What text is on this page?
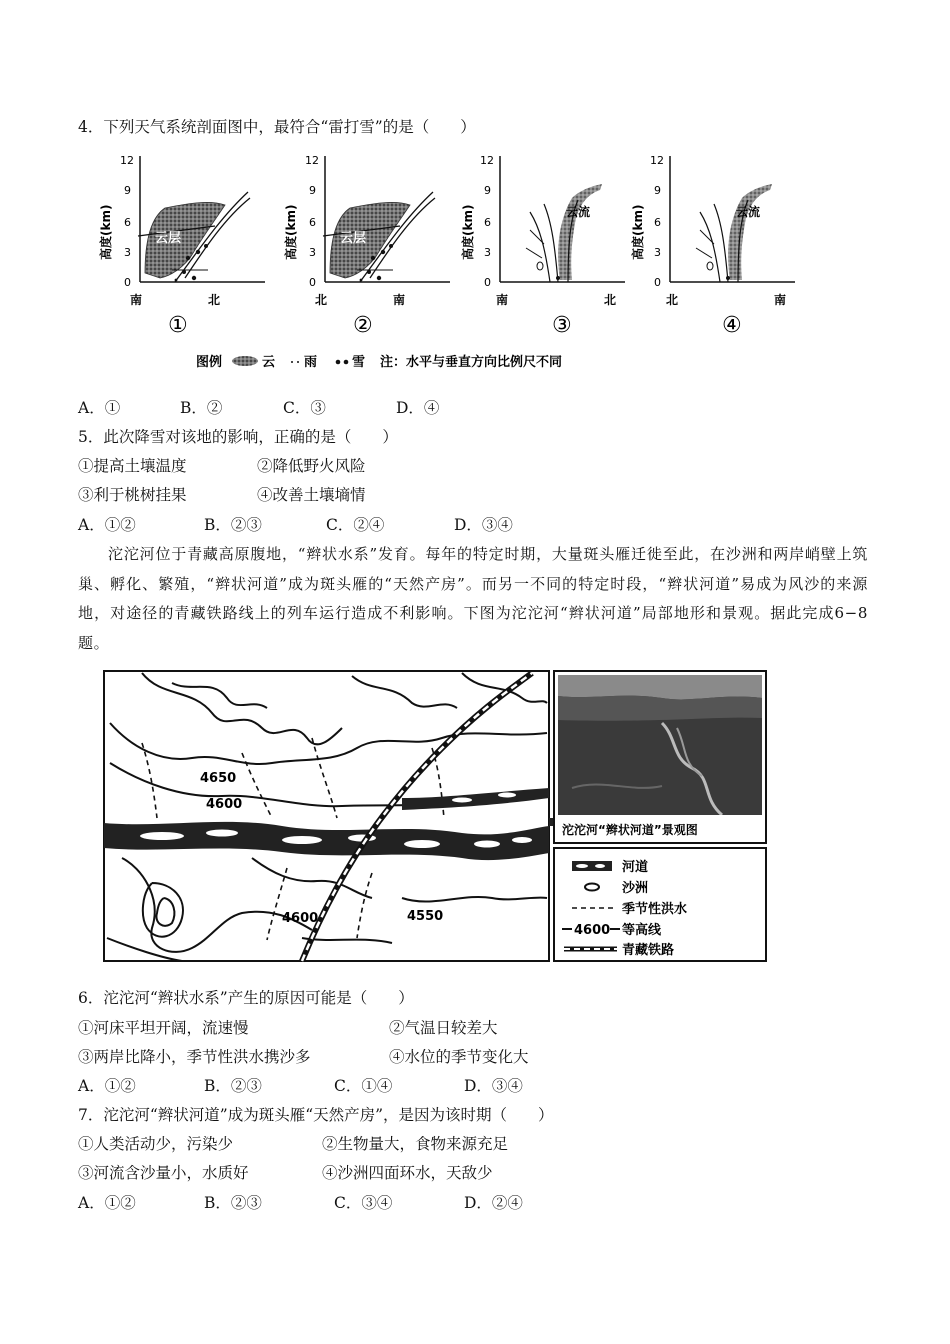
4．下列天气系统剖面图中，最符合“雷打雪”的是（　　）
12
9
6
3
0
高度(km)	云层
南	北
①
12
9
6
3
0
高度(km)	云层
北	南
②
12
9
6
3
0
高度(km)	云流
南	北
③
12
9
6
3
0
高度(km)	云流
北	南
④
图例	云 雨	雪 注：水平与垂直方向比例尺不同
A．①	B．②	C．③	D．④
5．此次降雪对该地的影响，正确的是（　　）
①提高土壤温度	②降低野火风险
③利于桃树挂果	④改善土壤墒情
A．①②	B．②③	C．②④	D．③④
沱沱河位于青藏高原腹地，“辫状水系”发育。每年的特定时期，大量斑头雁迁徙至此，在沙洲和两岸峭壁上筑巢、孵化、繁殖，“辫状河道”成为斑头雁的“天然产房”。而另一不同的特定时段，“辫状河道”易成为风沙的来源地，对途径的青藏铁路线上的列车运行造成不利影响。下图为沱沱河“辫状河道”局部地形和景观。据此完成6−8题。
4650
4600
4600	4550
沱沱河“辫状河道”景观图
河道
沙洲
季节性洪水
4600 等高线
青藏铁路
6．沱沱河“辫状水系”产生的原因可能是（　　）
①河床平坦开阔，流速慢	②气温日较差大
③两岸比降小，季节性洪水携沙多	④水位的季节变化大
A．①②	B．②③	C．①④	D．③④
7．沱沱河“辫状河道”成为斑头雁“天然产房”，是因为该时期（　　）
①人类活动少，污染少	②生物量大，食物来源充足
③河流含沙量小，水质好	④沙洲四面环水，天敌少
A．①②	B．②③	C．③④	D．②④
